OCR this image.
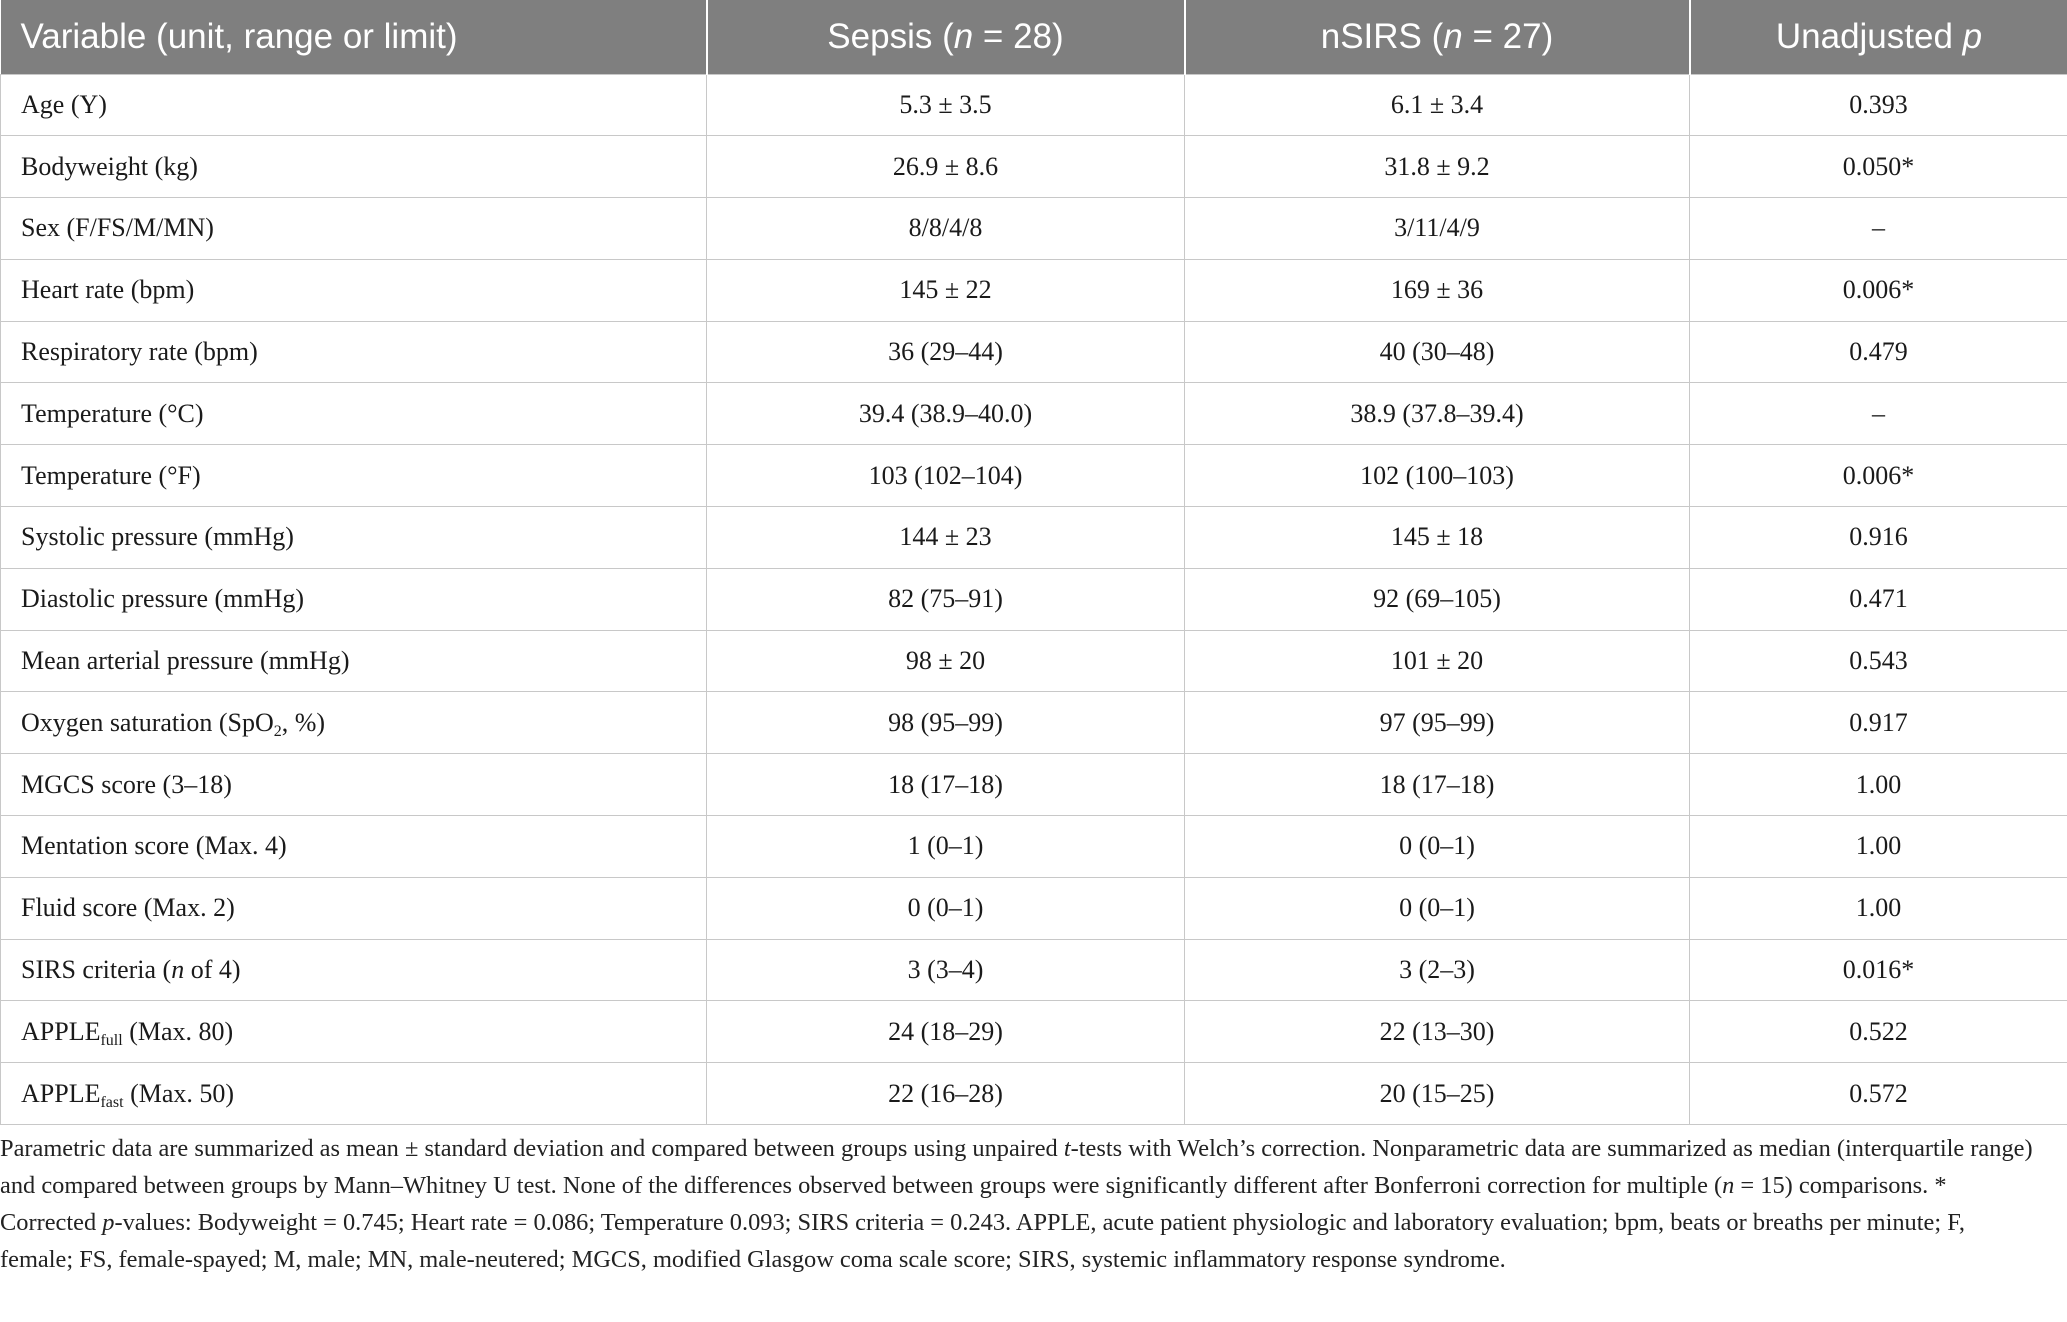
Variable (unit, range or limit)	Sepsis (n = 28)	nSIRS (n = 27)	Unadjusted p
Age (Y)	5.3 ± 3.5	6.1 ± 3.4	0.393
Bodyweight (kg)	26.9 ± 8.6	31.8 ± 9.2	0.050*
Sex (F/FS/M/MN)	8/8/4/8	3/11/4/9	–
Heart rate (bpm)	145 ± 22	169 ± 36	0.006*
Respiratory rate (bpm)	36 (29–44)	40 (30–48)	0.479
Temperature (°C)	39.4 (38.9–40.0)	38.9 (37.8–39.4)	–
Temperature (°F)	103 (102–104)	102 (100–103)	0.006*
Systolic pressure (mmHg)	144 ± 23	145 ± 18	0.916
Diastolic pressure (mmHg)	82 (75–91)	92 (69–105)	0.471
Mean arterial pressure (mmHg)	98 ± 20	101 ± 20	0.543
Oxygen saturation (SpO$_2$, %)	98 (95–99)	97 (95–99)	0.917
MGCS score (3–18)	18 (17–18)	18 (17–18)	1.00
Mentation score (Max. 4)	1 (0–1)	0 (0–1)	1.00
Fluid score (Max. 2)	0 (0–1)	0 (0–1)	1.00
SIRS criteria (n of 4)	3 (3–4)	3 (2–3)	0.016*
$APPLE_{full}$ (Max. 80)	24 (18–29)	22 (13–30)	0.522
$APPLE_{fast}$ (Max. 50)	22 (16–28)	20 (15–25)	0.572

Parametric data are summarized as mean ± standard deviation and compared between groups using unpaired t-tests with Welch’s correction. Nonparametric data are summarized as median (interquartile range) and compared between groups by Mann–Whitney U test. None of the differences observed between groups were significantly different after Bonferroni correction for multiple (n = 15) comparisons. * Corrected p-values: Bodyweight = 0.745; Heart rate = 0.086; Temperature 0.093; SIRS criteria = 0.243. APPLE, acute patient physiologic and laboratory evaluation; bpm, beats or breaths per minute; F, female; FS, female-spayed; M, male; MN, male-neutered; MGCS, modified Glasgow coma scale score; SIRS, systemic inflammatory response syndrome.
